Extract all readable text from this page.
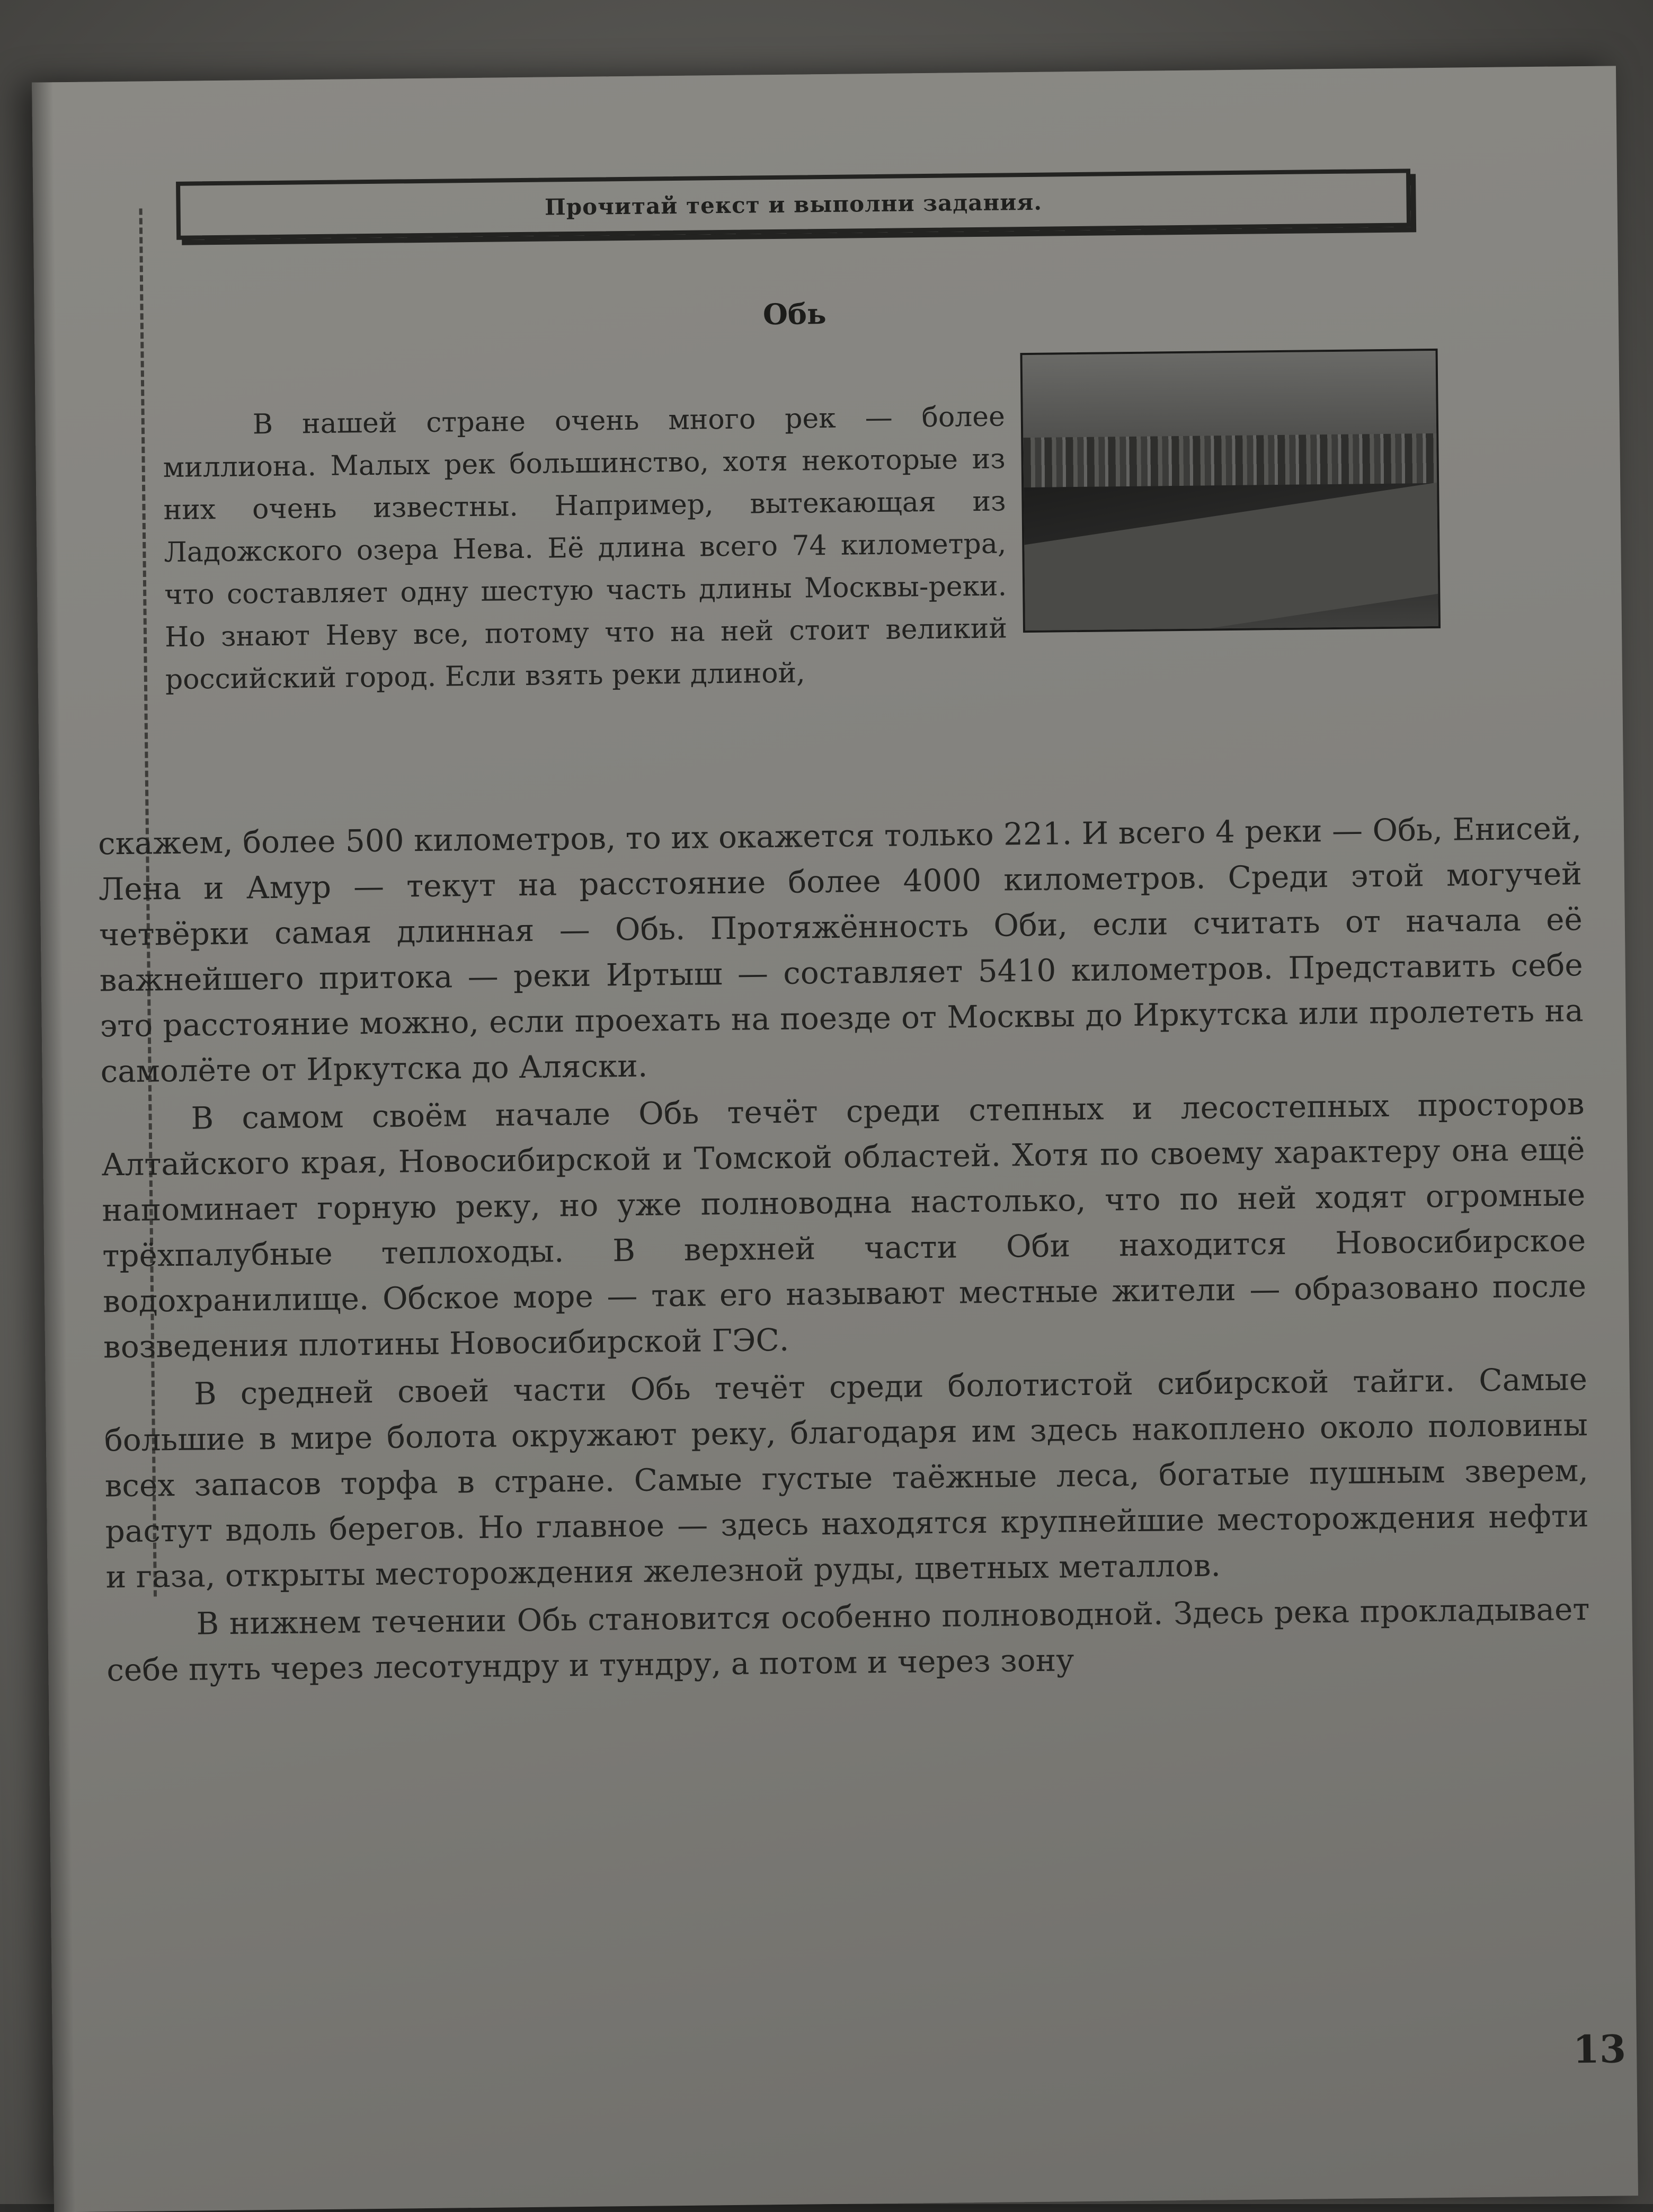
Прочитай текст и выполни задания.
Обь

В нашей стране очень много рек — более миллиона. Малых рек большинство, хотя некоторые из них очень известны. Например, вытекающая из Ладожского озера Нева. Её длина всего 74 километра, что составляет одну шестую часть длины Москвы-реки. Но знают Неву все, потому что на ней стоит великий российский город. Если взять реки длиной,

скажем, более 500 километров, то их окажется только 221. И всего 4 реки — Обь, Енисей, Лена и Амур — текут на расстояние более 4000 километров. Среди этой могучей четвёрки самая длинная — Обь. Протяжённость Оби, если считать от начала её важнейшего притока — реки Иртыш — составляет 5410 километров. Представить себе это расстояние можно, если проехать на поезде от Москвы до Иркутска или пролететь на самолёте от Иркутска до Аляски.

В самом своём начале Обь течёт среди степных и лесостепных просторов Алтайского края, Новосибирской и Томской областей. Хотя по своему характеру она ещё напоминает горную реку, но уже полноводна настолько, что по ней ходят огромные трёхпалубные теплоходы. В верхней части Оби находится Новосибирское водохранилище. Обское море — так его называют местные жители — образовано после возведения плотины Новосибирской ГЭС.

В средней своей части Обь течёт среди болотистой сибирской тайги. Самые большие в мире болота окружают реку, благодаря им здесь накоплено около половины всех запасов торфа в стране. Самые густые таёжные леса, богатые пушным зверем, растут вдоль берегов. Но главное — здесь находятся крупнейшие месторождения нефти и газа, открыты месторождения железной руды, цветных металлов.

В нижнем течении Обь становится особенно полноводной. Здесь река прокладывает себе путь через лесотундру и тундру, а потом и через зону

13
